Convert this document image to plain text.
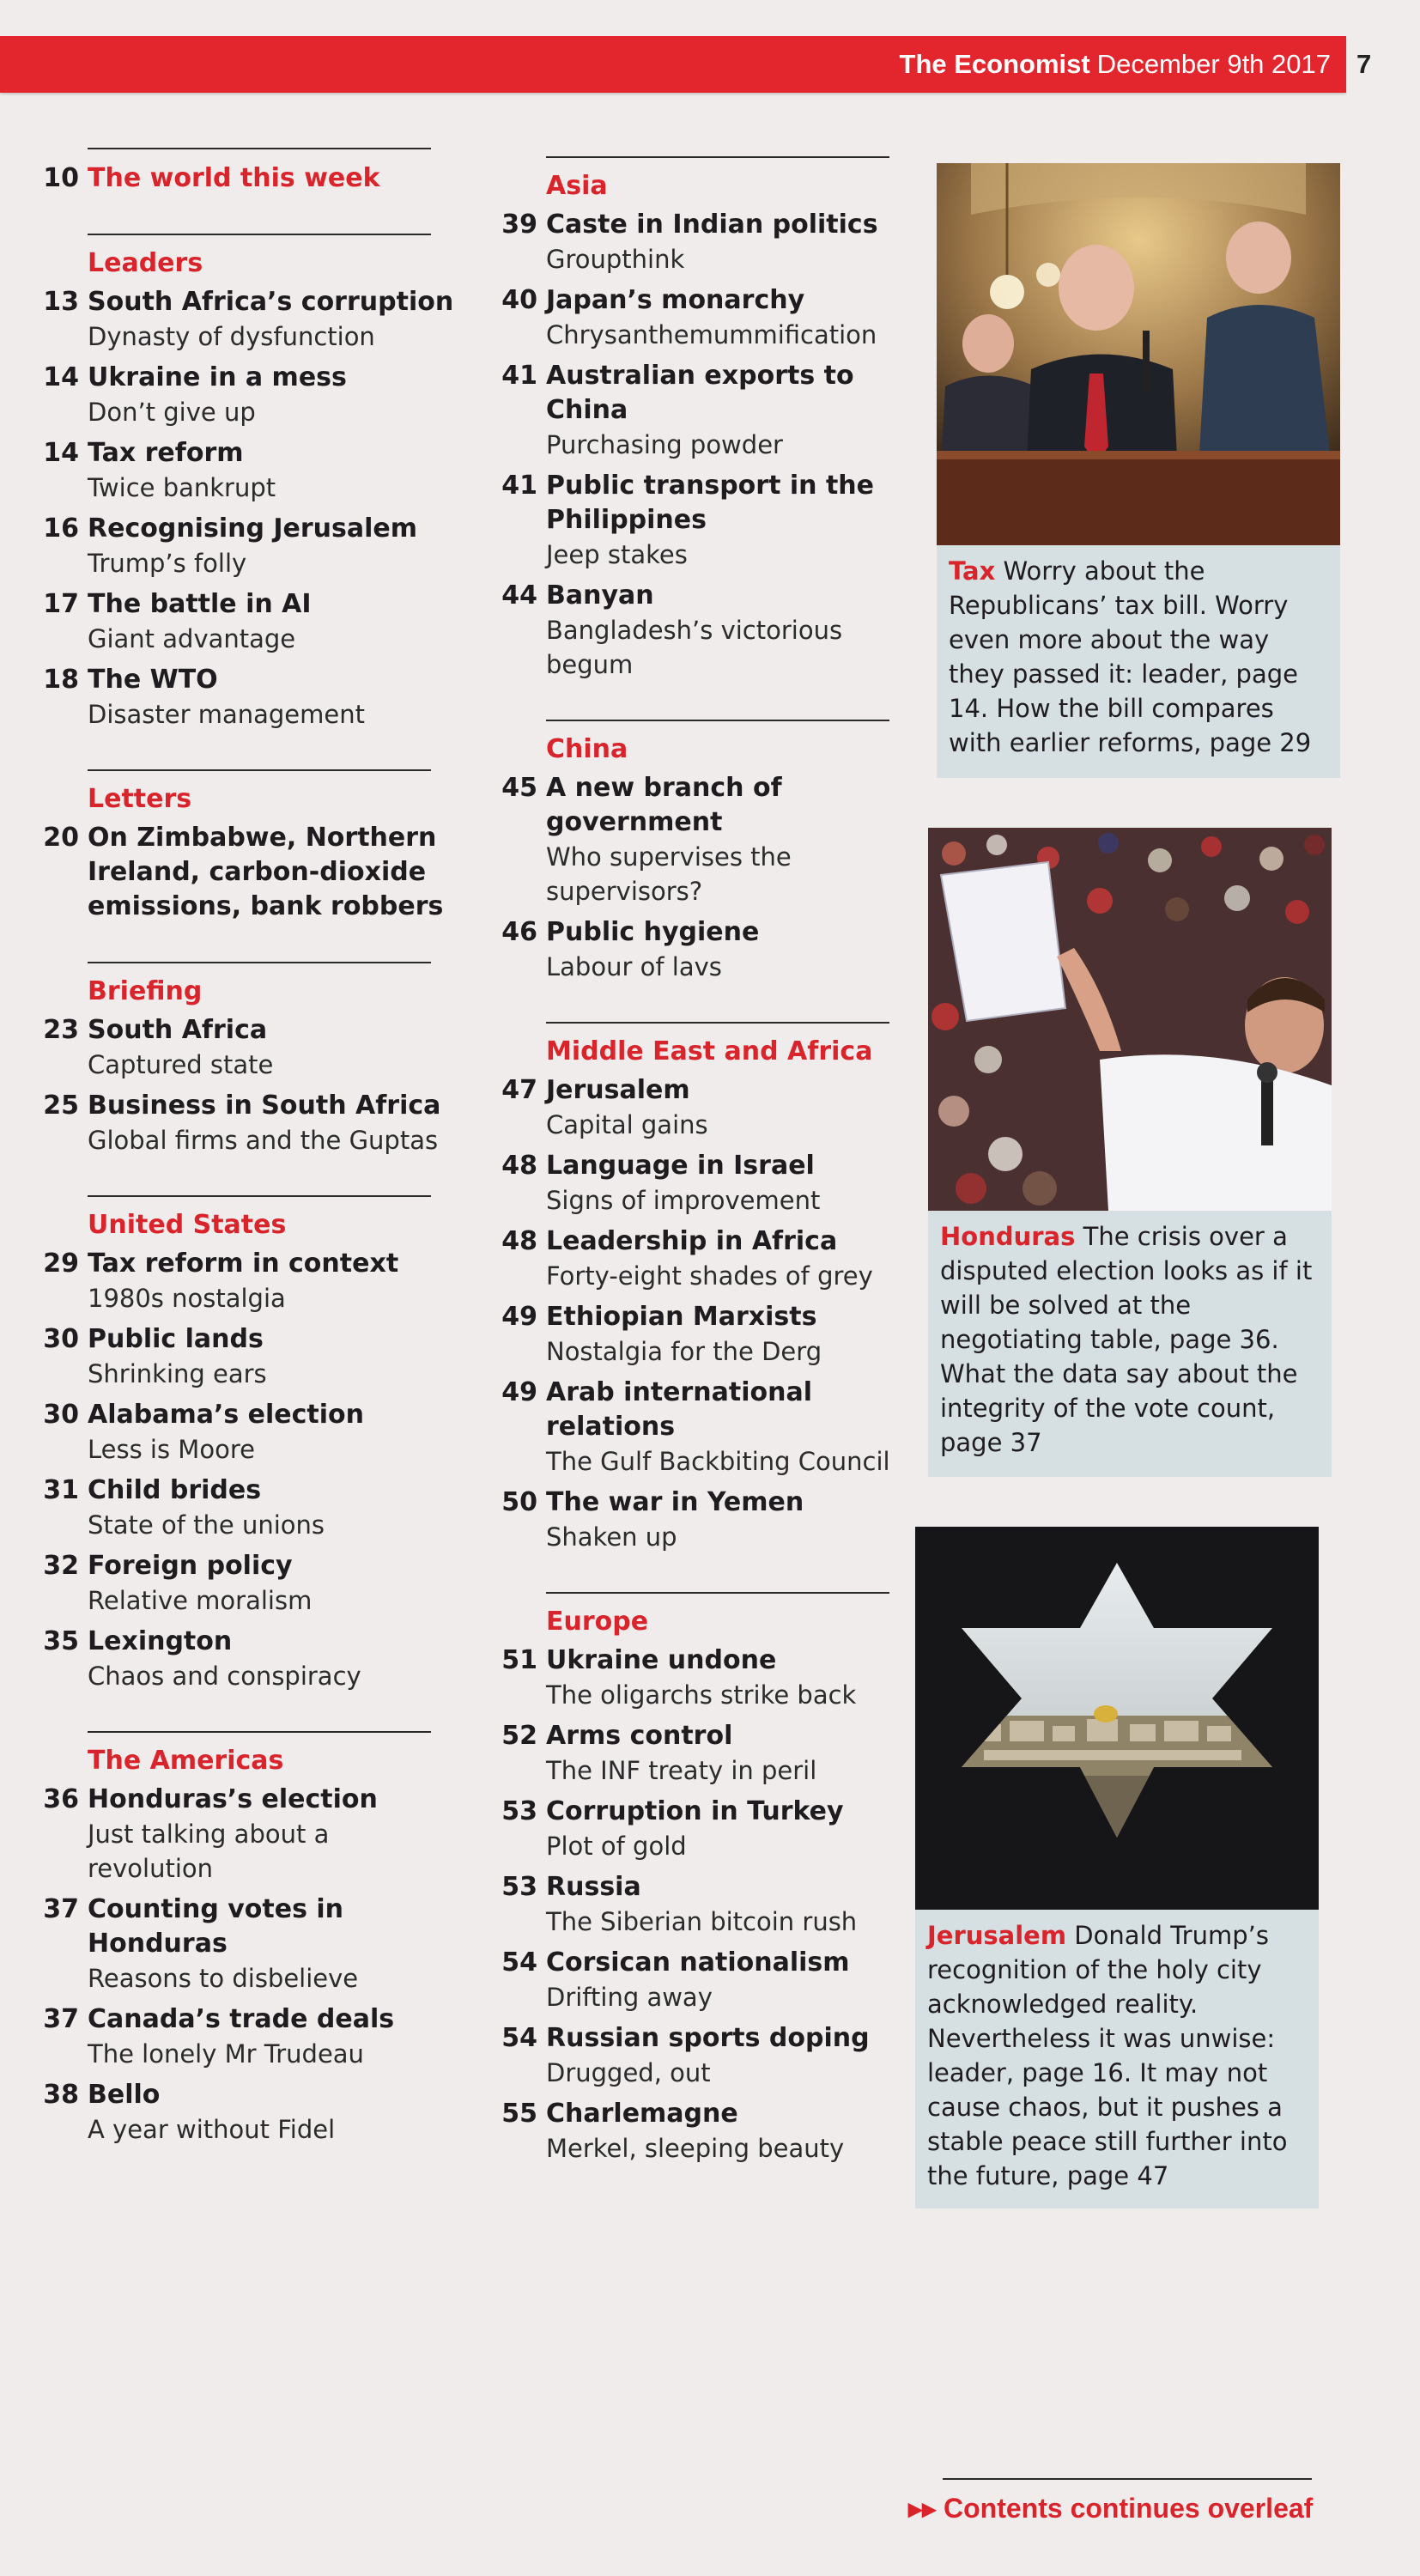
The Economist December 9th 2017 7
10 The world this week
Leaders
13 South Africa’s corruption
Dynasty of dysfunction
14 Ukraine in a mess
Don’t give up
14 Tax reform
Twice bankrupt
16 Recognising Jerusalem
Trump’s folly
17 The battle in AI
Giant advantage
18 The WTO
Disaster management
Letters
20 On Zimbabwe, Northern Ireland, carbon-dioxide emissions, bank robbers
Briefing
23 South Africa
Captured state
25 Business in South Africa
Global firms and the Guptas
United States
29 Tax reform in context
1980s nostalgia
30 Public lands
Shrinking ears
30 Alabama’s election
Less is Moore
31 Child brides
State of the unions
32 Foreign policy
Relative moralism
35 Lexington
Chaos and conspiracy
The Americas
36 Honduras’s election
Just talking about a revolution
37 Counting votes in Honduras
Reasons to disbelieve
37 Canada’s trade deals
The lonely Mr Trudeau
38 Bello
A year without Fidel
Asia
39 Caste in Indian politics
Groupthink
40 Japan’s monarchy
Chrysanthemummification
41 Australian exports to China
Purchasing powder
41 Public transport in the Philippines
Jeep stakes
44 Banyan
Bangladesh’s victorious begum
China
45 A new branch of government
Who supervises the supervisors?
46 Public hygiene
Labour of lavs
Middle East and Africa
47 Jerusalem
Capital gains
48 Language in Israel
Signs of improvement
48 Leadership in Africa
Forty-eight shades of grey
49 Ethiopian Marxists
Nostalgia for the Derg
49 Arab international relations
The Gulf Backbiting Council
50 The war in Yemen
Shaken up
Europe
51 Ukraine undone
The oligarchs strike back
52 Arms control
The INF treaty in peril
53 Corruption in Turkey
Plot of gold
53 Russia
The Siberian bitcoin rush
54 Corsican nationalism
Drifting away
54 Russian sports doping
Drugged, out
55 Charlemagne
Merkel, sleeping beauty
Tax Worry about the Republicans’ tax bill. Worry even more about the way they passed it: leader, page 14. How the bill compares with earlier reforms, page 29
Honduras The crisis over a disputed election looks as if it will be solved at the negotiating table, page 36. What the data say about the integrity of the vote count, page 37
Jerusalem Donald Trump’s recognition of the holy city acknowledged reality. Nevertheless it was unwise: leader, page 16. It may not cause chaos, but it pushes a stable peace still further into the future, page 47
▸▸ Contents continues overleaf
